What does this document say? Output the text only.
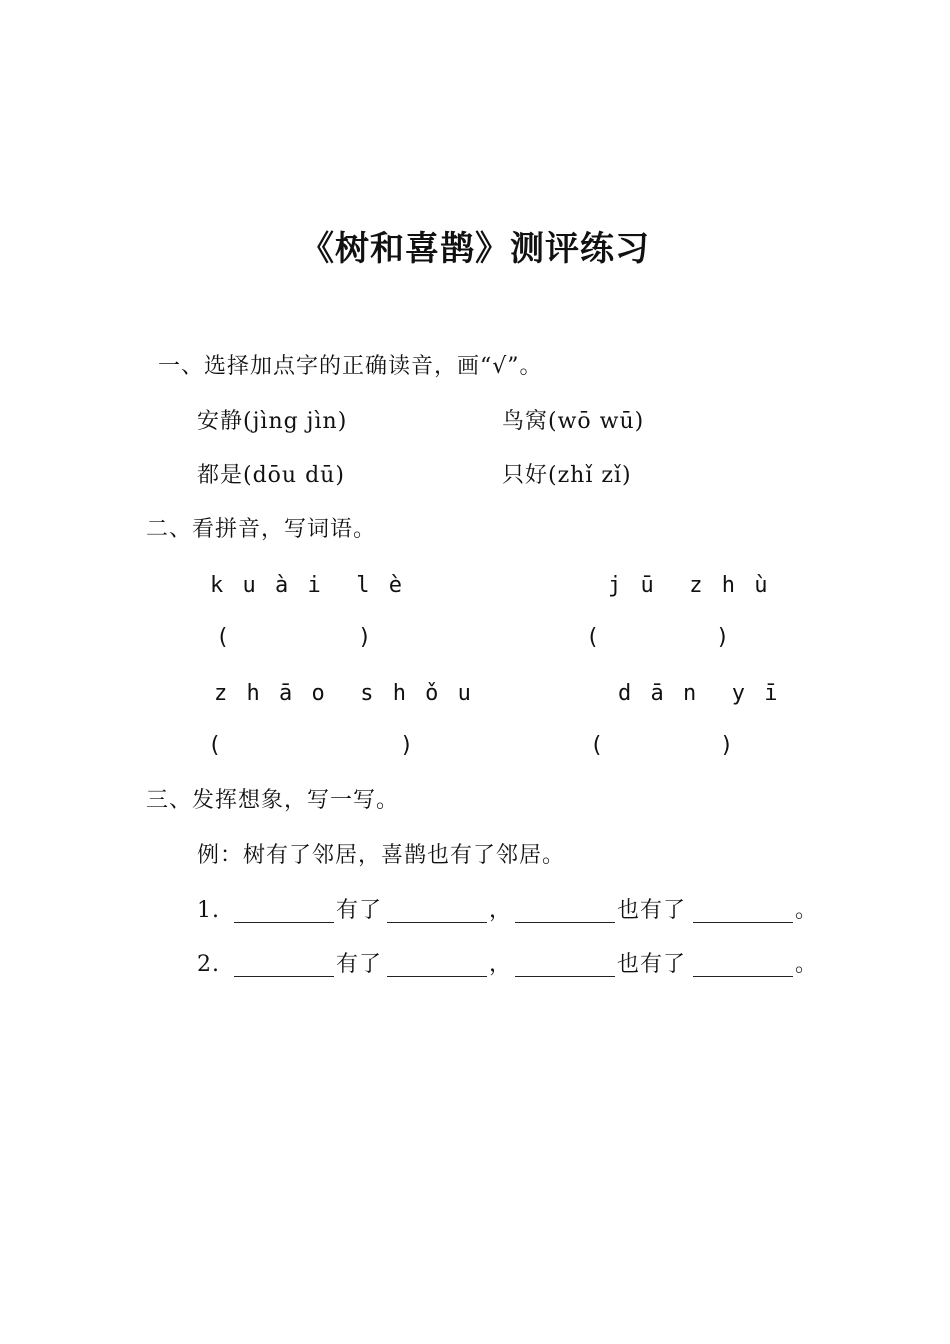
《树和喜鹊》测评练习
一、选择加点字的正确读音，画“√”。
安静(jìng jìn)	鸟窝(wō wū)
都是(dōu dū)	只好(zhǐ zǐ)
二、看拼音，写词语。
k u à i  l è	j ū  z h ù
(	)	(	)
z h ā o  s h ǒ u	d ā n  y ī
(	)	(	)
三、发挥想象，写一写。
例：树有了邻居，喜鹊也有了邻居。
1.	有了	，	也有了	。
2.	有了	，	也有了	。
